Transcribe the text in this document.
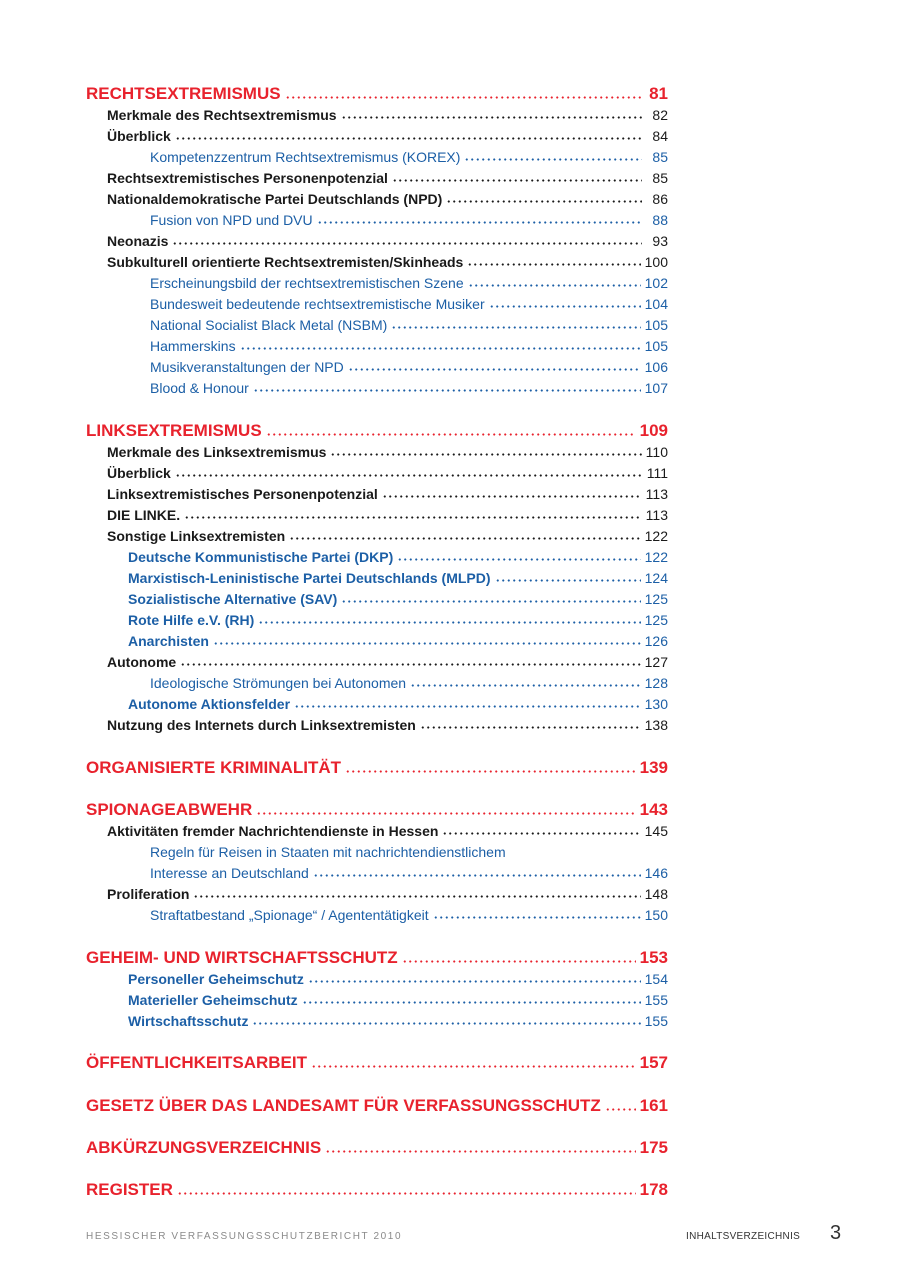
RECHTSEXTREMISMUS	81
Merkmale des Rechtsextremismus	82
Überblick	84
Kompetenzzentrum Rechtsextremismus (KOREX)	85
Rechtsextremistisches Personenpotenzial	85
Nationaldemokratische Partei Deutschlands (NPD)	86
Fusion von NPD und DVU	88
Neonazis	93
Subkulturell orientierte Rechtsextremisten/Skinheads	100
Erscheinungsbild der rechtsextremistischen Szene	102
Bundesweit bedeutende rechtsextremistische Musiker	104
National Socialist Black Metal (NSBM)	105
Hammerskins	105
Musikveranstaltungen der NPD	106
Blood & Honour	107
LINKSEXTREMISMUS	109
Merkmale des Linksextremismus	110
Überblick	111
Linksextremistisches Personenpotenzial	113
DIE LINKE.	113
Sonstige Linksextremisten	122
Deutsche Kommunistische Partei (DKP)	122
Marxistisch-Leninistische Partei Deutschlands (MLPD)	124
Sozialistische Alternative (SAV)	125
Rote Hilfe e.V. (RH)	125
Anarchisten	126
Autonome	127
Ideologische Strömungen bei Autonomen	128
Autonome Aktionsfelder	130
Nutzung des Internets durch Linksextremisten	138
ORGANISIERTE KRIMINALITÄT	139
SPIONAGEABWEHR	143
Aktivitäten fremder Nachrichtendienste in Hessen	145
Regeln für Reisen in Staaten mit nachrichtendienstlichem
Interesse an Deutschland	146
Proliferation	148
Straftatbestand „Spionage“ / Agententätigkeit	150
GEHEIM- UND WIRTSCHAFTSSCHUTZ	153
Personeller Geheimschutz	154
Materieller Geheimschutz	155
Wirtschaftsschutz	155
ÖFFENTLICHKEITSARBEIT	157
GESETZ ÜBER DAS LANDESAMT FÜR VERFASSUNGSSCHUTZ 161
ABKÜRZUNGSVERZEICHNIS	175
REGISTER	178
HESSISCHER VERFASSUNGSSCHUTZBERICHT 2010	INHALTSVERZEICHNIS 3
